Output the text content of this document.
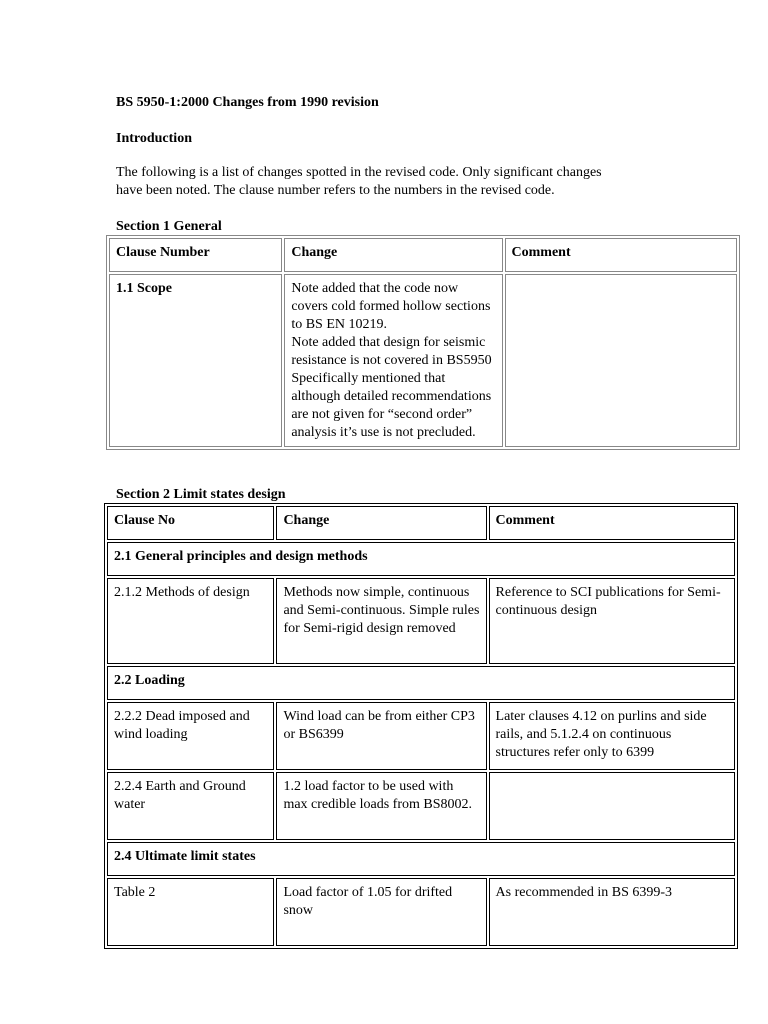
BS 5950-1:2000 Changes from 1990 revision
Introduction
The following is a list of changes spotted in the revised code. Only significant changes have been noted. The clause number refers to the numbers in the revised code.
Section 1 General
Section 2 Limit states design
Clause Number	Change	Comment
1.1 Scope	Note added that the code now covers cold formed hollow sections to BS EN 10219.
Note added that design for seismic resistance is not covered in BS5950
Specifically mentioned that although detailed recommendations are not given for “second order” analysis it’s use is not precluded.	

Clause No	Change	Comment
2.1 General principles and design methods		
2.1.2 Methods of design	Methods now simple, continuous and Semi-continuous. Simple rules for Semi-rigid design removed	Reference to SCI publications for Semi-continuous design
2.2 Loading		
2.2.2 Dead imposed and wind loading	Wind load can be from either CP3 or BS6399	Later clauses 4.12 on purlins and side rails, and 5.1.2.4 on continuous structures refer only to 6399
2.2.4 Earth and Ground water	1.2 load factor to be used with max credible loads from BS8002.	
2.4 Ultimate limit states		
Table 2	Load factor of 1.05 for drifted snow	As recommended in BS 6399-3
